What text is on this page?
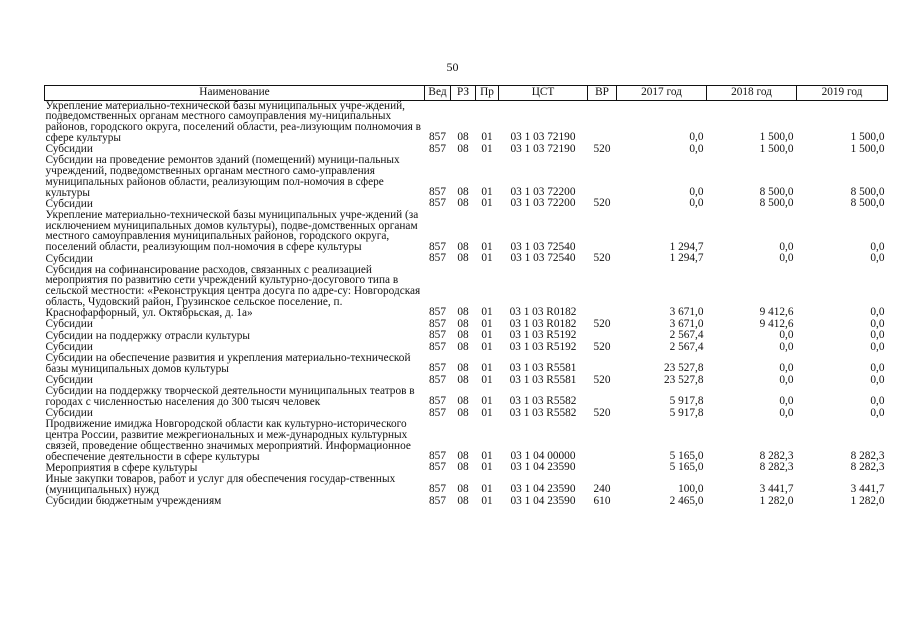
50
Наименование	Вед	РЗ	Пр	ЦСТ	ВР	2017 год	2018 год	2019 год
Укрепление материально-технической базы муниципальных учре-ждений, подведомственных органам местного самоуправления му-ниципальных районов, городского округа, поселений области, реа-лизующим полномочия в сфере культуры	857	08	01	03 1 03 72190		0,0	1 500,0	1 500,0
Субсидии	857	08	01	03 1 03 72190	520	0,0	1 500,0	1 500,0
Субсидии на проведение ремонтов зданий (помещений) муници-пальных учреждений, подведомственных органам местного само-управления муниципальных районов области, реализующим пол-номочия в сфере культуры	857	08	01	03 1 03 72200		0,0	8 500,0	8 500,0
Субсидии	857	08	01	03 1 03 72200	520	0,0	8 500,0	8 500,0
Укрепление материально-технической базы муниципальных учре-ждений (за исключением муниципальных домов культуры), подве-домственных органам местного самоуправления муниципальных районов, городского округа, поселений области, реализующим пол-номочия в сфере культуры	857	08	01	03 1 03 72540		1 294,7	0,0	0,0
Субсидии	857	08	01	03 1 03 72540	520	1 294,7	0,0	0,0
Субсидия на софинансирование расходов, связанных с реализацией мероприятия по развитию сети учреждений культурно-досугового типа в сельской местности: «Реконструкция центра досуга по адре-су: Новгородская область, Чудовский район, Грузинское сельское поселение, п. Краснофарфорный, ул. Октябрьская, д. 1а»	857	08	01	03 1 03 R0182		3 671,0	9 412,6	0,0
Субсидии	857	08	01	03 1 03 R0182	520	3 671,0	9 412,6	0,0
Субсидии на поддержку отрасли культуры	857	08	01	03 1 03 R5192		2 567,4	0,0	0,0
Субсидии	857	08	01	03 1 03 R5192	520	2 567,4	0,0	0,0
Субсидии на обеспечение развития и укрепления материально-технической базы муниципальных домов культуры	857	08	01	03 1 03 R5581		23 527,8	0,0	0,0
Субсидии	857	08	01	03 1 03 R5581	520	23 527,8	0,0	0,0
Субсидии на поддержку творческой деятельности муниципальных театров в городах с численностью населения до 300 тысяч человек	857	08	01	03 1 03 R5582		5 917,8	0,0	0,0
Субсидии	857	08	01	03 1 03 R5582	520	5 917,8	0,0	0,0
Продвижение имиджа Новгородской области как культурно-исторического центра России, развитие межрегиональных и меж-дународных культурных связей, проведение общественно значимых мероприятий. Информационное обеспечение деятельности в сфере культуры	857	08	01	03 1 04 00000		5 165,0	8 282,3	8 282,3
Мероприятия в сфере культуры	857	08	01	03 1 04 23590		5 165,0	8 282,3	8 282,3
Иные закупки товаров, работ и услуг для обеспечения государ-ственных (муниципальных) нужд	857	08	01	03 1 04 23590	240	100,0	3 441,7	3 441,7
Субсидии бюджетным учреждениям	857	08	01	03 1 04 23590	610	2 465,0	1 282,0	1 282,0
